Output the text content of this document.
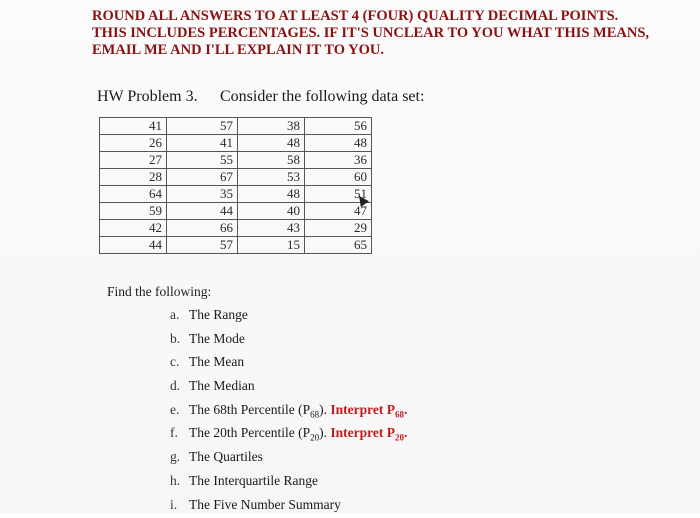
ROUND ALL ANSWERS TO AT LEAST 4 (FOUR) QUALITY DECIMAL POINTS.
THIS INCLUDES PERCENTAGES. IF IT'S UNCLEAR TO YOU WHAT THIS MEANS,
EMAIL ME AND I'LL EXPLAIN IT TO YOU.
HW Problem 3. Consider the following data set:
41	57	38	56
26	41	48	48
27	55	58	36
28	67	53	60
64	35	48	51
59	44	40	47
42	66	43	29
44	57	15	65
Find the following:
a. The Range
b. The Mode
c. The Mean
d. The Median
e. The 68th Percentile $(P_{68})$. Interpret $P_{68}$.
f. The 20th Percentile $(P_{20})$. Interpret $P_{20}$.
g. The Quartiles
h. The Interquartile Range
i. The Five Number Summary
